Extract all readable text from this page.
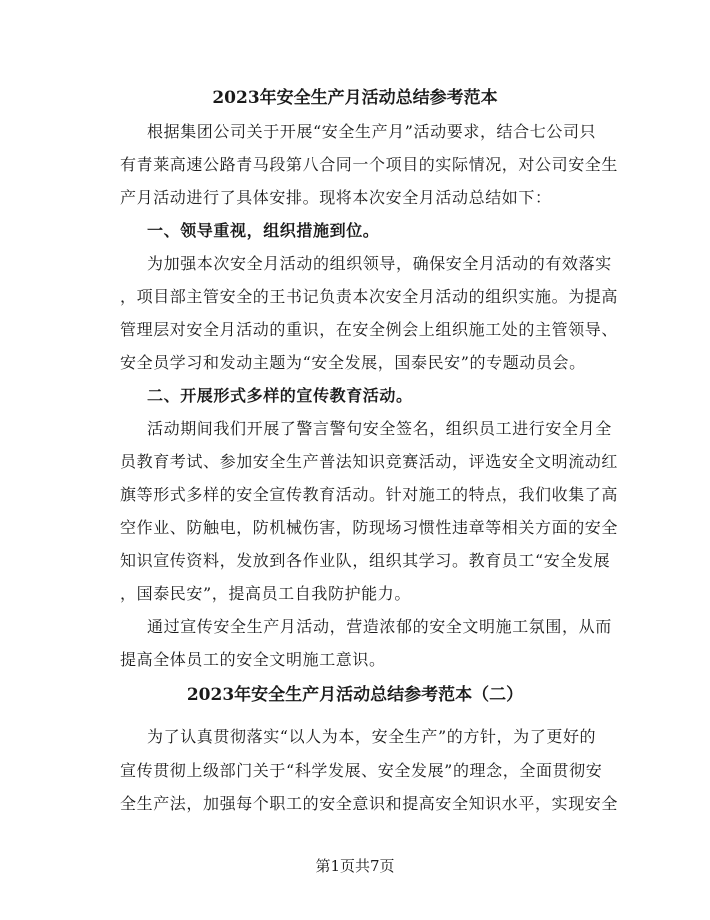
2023年安全生产月活动总结参考范本
根据集团公司关于开展“安全生产月”活动要求，结合七公司只
有青莱高速公路青马段第八合同一个项目的实际情况，对公司安全生
产月活动进行了具体安排。现将本次安全月活动总结如下：
一、领导重视，组织措施到位。
为加强本次安全月活动的组织领导，确保安全月活动的有效落实
，项目部主管安全的王书记负责本次安全月活动的组织实施。为提高
管理层对安全月活动的重识，在安全例会上组织施工处的主管领导、
安全员学习和发动主题为“安全发展，国泰民安”的专题动员会。
二、开展形式多样的宣传教育活动。
活动期间我们开展了警言警句安全签名，组织员工进行安全月全
员教育考试、参加安全生产普法知识竞赛活动，评选安全文明流动红
旗等形式多样的安全宣传教育活动。针对施工的特点，我们收集了高
空作业、防触电，防机械伤害，防现场习惯性违章等相关方面的安全
知识宣传资料，发放到各作业队，组织其学习。教育员工“安全发展
，国泰民安”，提高员工自我防护能力。
通过宣传安全生产月活动，营造浓郁的安全文明施工氛围，从而
提高全体员工的安全文明施工意识。
2023年安全生产月活动总结参考范本（二）
为了认真贯彻落实“以人为本，安全生产”的方针，为了更好的
宣传贯彻上级部门关于“科学发展、安全发展”的理念，全面贯彻安
全生产法，加强每个职工的安全意识和提高安全知识水平，实现安全
第1页共7页
